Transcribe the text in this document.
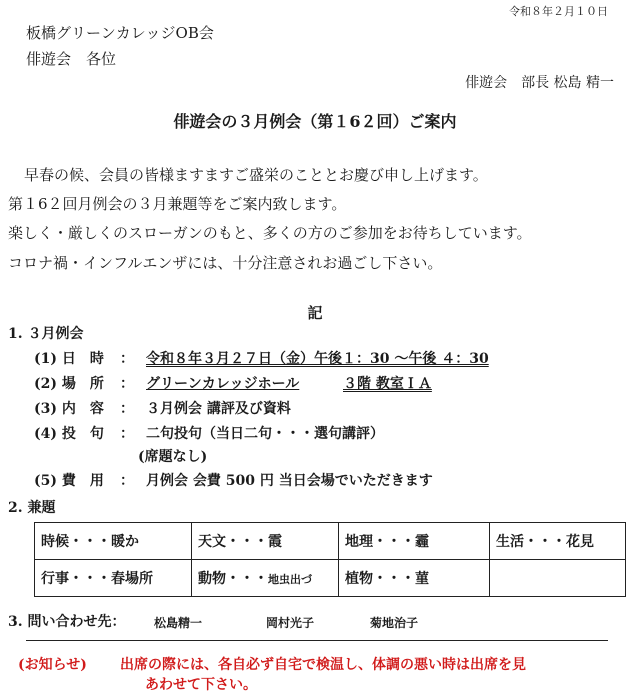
令和８年２月１０日
板橋グリーンカレッジOB会
俳遊会　各位
俳遊会　部長 松島 精一
俳遊会の３月例会（第１6２回）ご案内
早春の候、会員の皆様ますますご盛栄のこととお慶び申し上げます。
第１6２回月例会の３月兼題等をご案内致します。
楽しく・厳しくのスローガンのもと、多くの方のご参加をお待ちしています。
コロナ禍・インフルエンザには、十分注意されお過ごし下さい。
記
1. ３月例会
(1) 日　時 ： 令和８年３月２７日（金）午後１：30 ～午後 ４：30
(2) 場　所 ： グリーンカレッジホール	３階 教室ＩＡ
(3) 内　容 ： ３月例会 講評及び資料
(4) 投　句 ： 二句投句（当日二句・・・選句講評）
(席題なし)
(5) 費　用 ： 月例会 会費 500 円 当日会場でいただきます
2. 兼題
時候・・・暖か	天文・・・霞	地理・・・霾	生活・・・花見
行事・・・春場所	動物・・・地虫出づ	植物・・・菫	
3. 問い合わせ先： 松島精一	岡村光子	菊地治子
(お知らせ) 出席の際には、各自必ず自宅で検温し、体調の悪い時は出席を見
あわせて下さい。
